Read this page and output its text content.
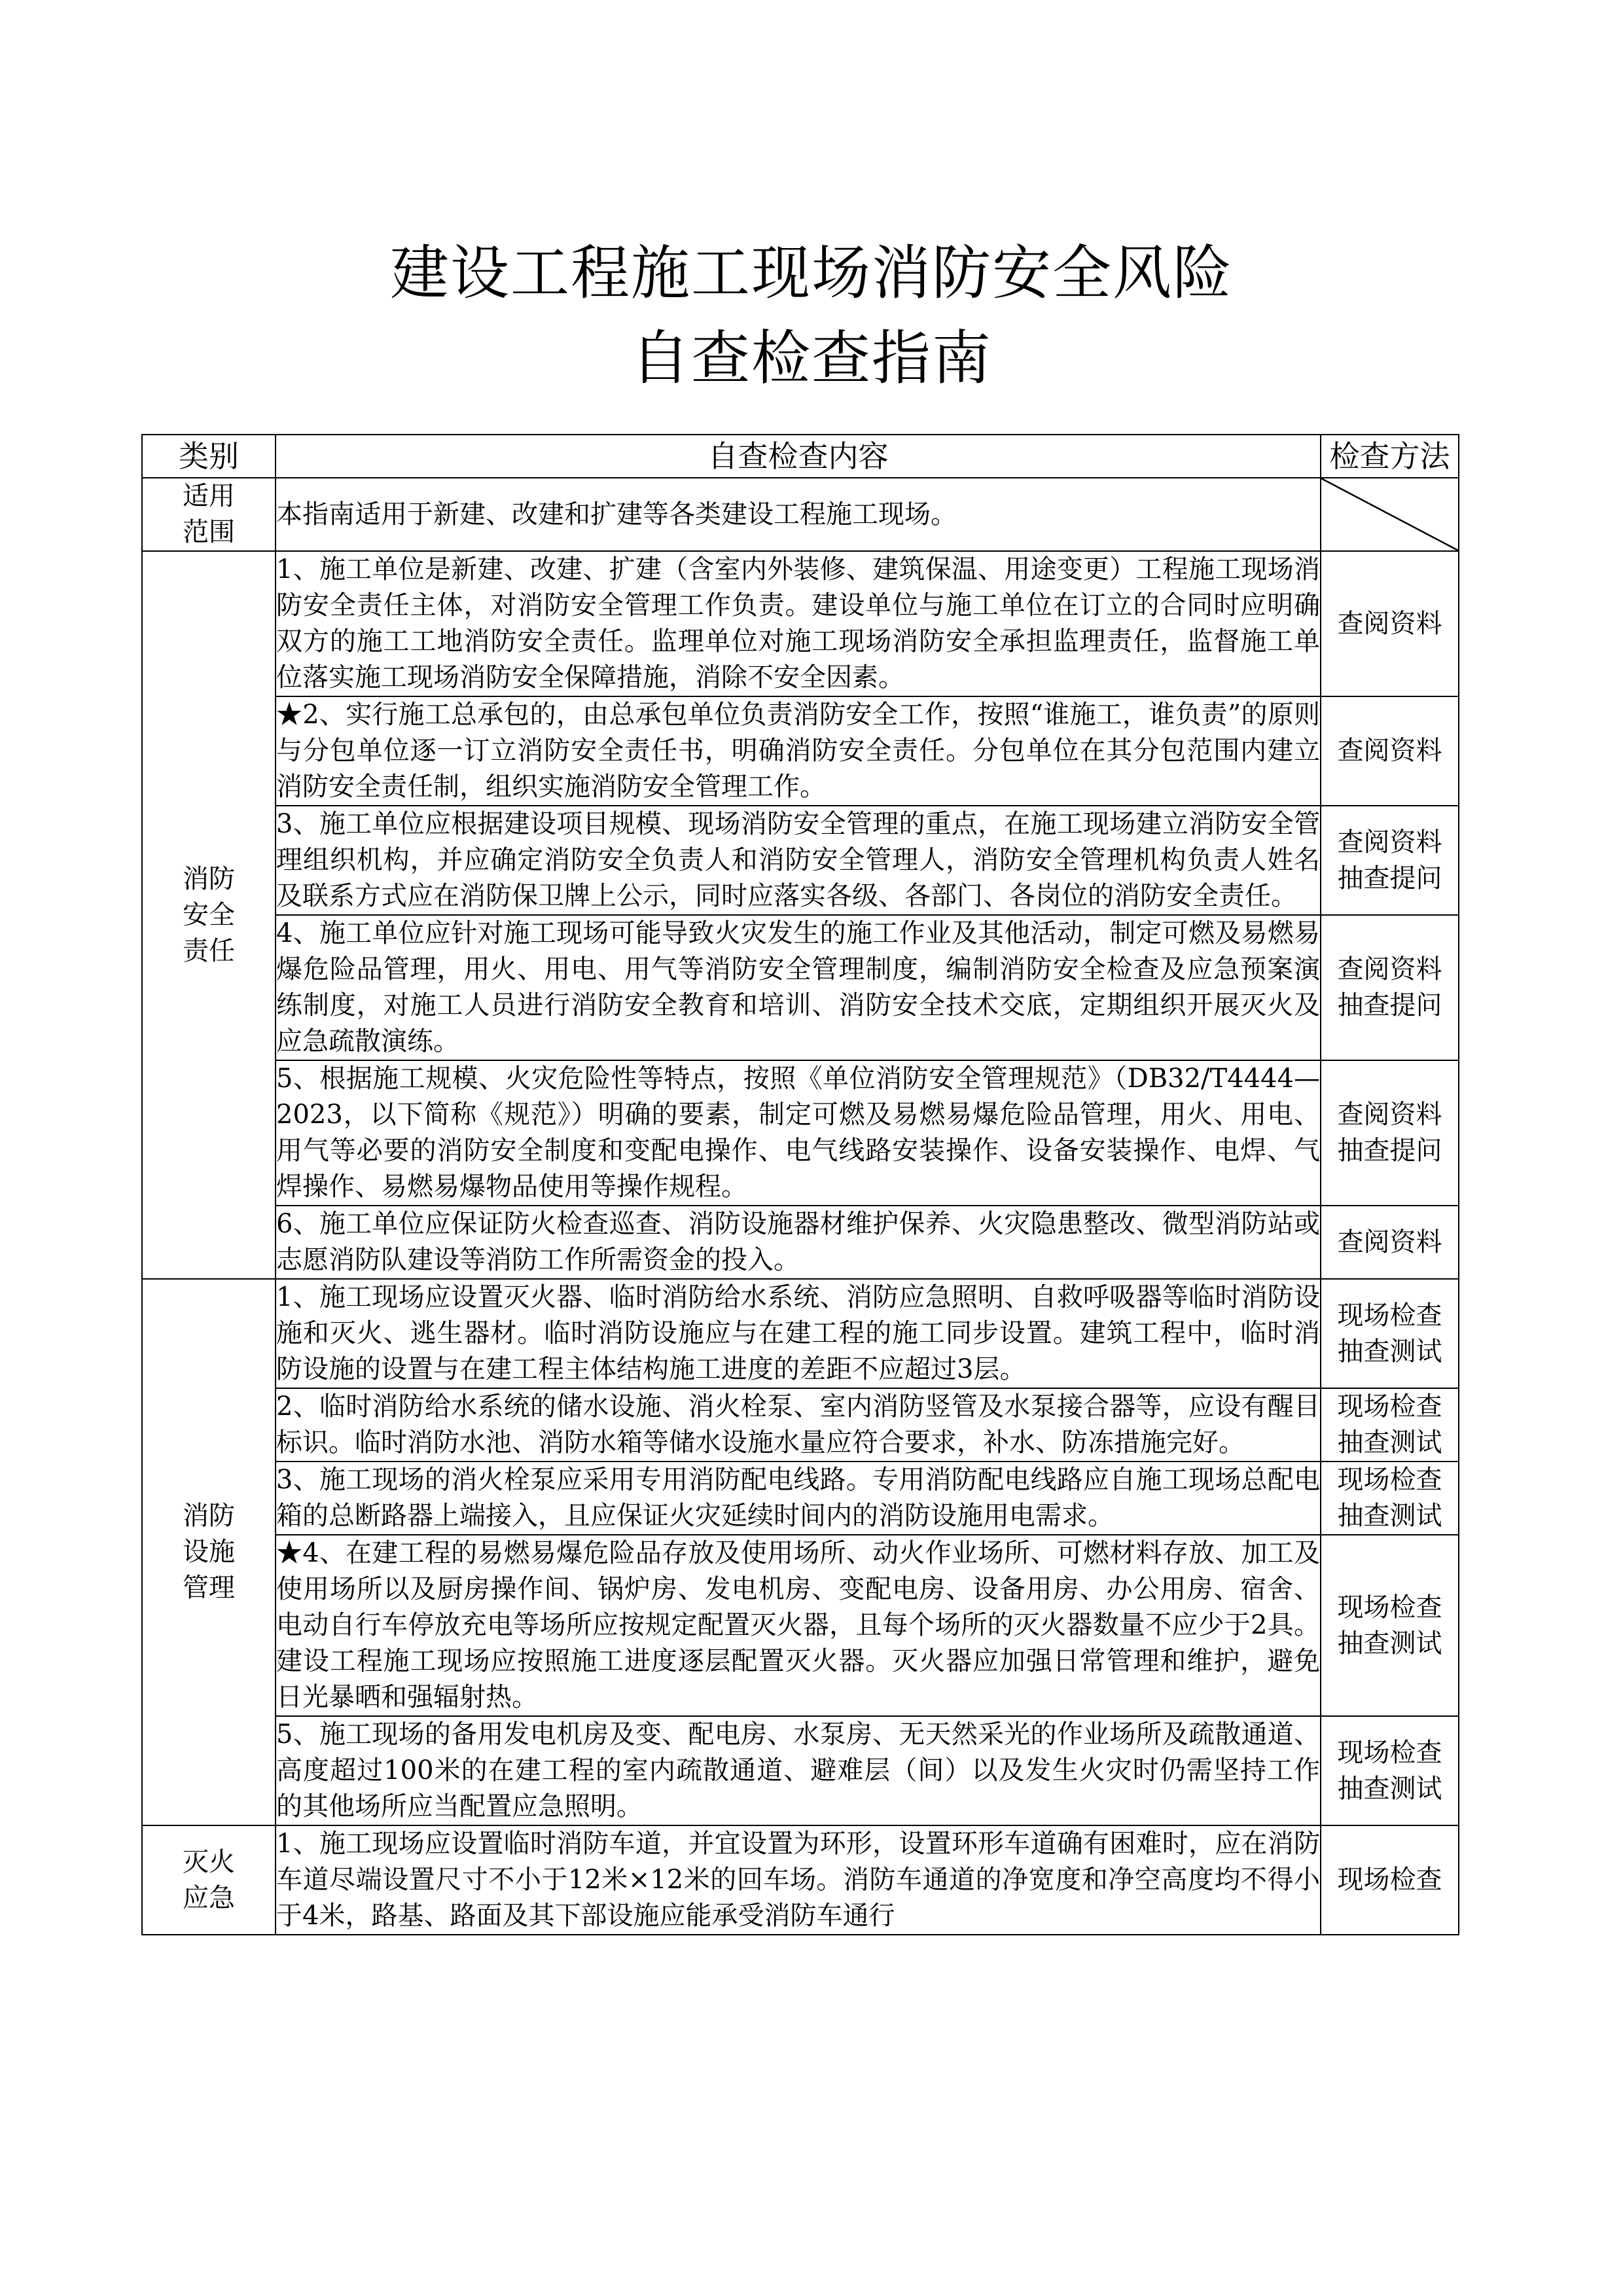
建设工程施工现场消防安全风险
自查检查指南
类别	自查检查内容	检查方法

适用
范围	本指南适用于新建、改建和扩建等各类建设工程施工现场。	

消防
安全
责任	1、施工单位是新建、改建、扩建（含室内外装修、建筑保温、用途变更）工程施工现场消防安全责任主体，对消防安全管理工作负责。建设单位与施工单位在订立的合同时应明确双方的施工工地消防安全责任。监理单位对施工现场消防安全承担监理责任，监督施工单位落实施工现场消防安全保障措施，消除不安全因素。	查阅资料

	★2、实行施工总承包的，由总承包单位负责消防安全工作，按照“谁施工，谁负责”的原则与分包单位逐一订立消防安全责任书，明确消防安全责任。分包单位在其分包范围内建立消防安全责任制，组织实施消防安全管理工作。	查阅资料

	3、施工单位应根据建设项目规模、现场消防安全管理的重点，在施工现场建立消防安全管理组织机构，并应确定消防安全负责人和消防安全管理人，消防安全管理机构负责人姓名及联系方式应在消防保卫牌上公示，同时应落实各级、各部门、各岗位的消防安全责任。	查阅资料
抽查提问

	4、施工单位应针对施工现场可能导致火灾发生的施工作业及其他活动，制定可燃及易燃易爆危险品管理，用火、用电、用气等消防安全管理制度，编制消防安全检查及应急预案演练制度，对施工人员进行消防安全教育和培训、消防安全技术交底，定期组织开展灭火及应急疏散演练。	查阅资料
抽查提问

	5、根据施工规模、火灾危险性等特点，按照《单位消防安全管理规范》（DB32/T4444—2023，以下简称《规范》）明确的要素，制定可燃及易燃易爆危险品管理，用火、用电、用气等必要的消防安全制度和变配电操作、电气线路安装操作、设备安装操作、电焊、气焊操作、易燃易爆物品使用等操作规程。	查阅资料
抽查提问

	6、施工单位应保证防火检查巡查、消防设施器材维护保养、火灾隐患整改、微型消防站或志愿消防队建设等消防工作所需资金的投入。	查阅资料

消防
设施
管理	1、施工现场应设置灭火器、临时消防给水系统、消防应急照明、自救呼吸器等临时消防设施和灭火、逃生器材。临时消防设施应与在建工程的施工同步设置。建筑工程中，临时消防设施的设置与在建工程主体结构施工进度的差距不应超过3层。	现场检查
抽查测试

	2、临时消防给水系统的储水设施、消火栓泵、室内消防竖管及水泵接合器等，应设有醒目标识。临时消防水池、消防水箱等储水设施水量应符合要求，补水、防冻措施完好。	现场检查
抽查测试

	3、施工现场的消火栓泵应采用专用消防配电线路。专用消防配电线路应自施工现场总配电箱的总断路器上端接入，且应保证火灾延续时间内的消防设施用电需求。	现场检查
抽查测试

	★4、在建工程的易燃易爆危险品存放及使用场所、动火作业场所、可燃材料存放、加工及使用场所以及厨房操作间、锅炉房、发电机房、变配电房、设备用房、办公用房、宿舍、电动自行车停放充电等场所应按规定配置灭火器，且每个场所的灭火器数量不应少于2具。建设工程施工现场应按照施工进度逐层配置灭火器。灭火器应加强日常管理和维护，避免日光暴晒和强辐射热。	现场检查
抽查测试

	5、施工现场的备用发电机房及变、配电房、水泵房、无天然采光的作业场所及疏散通道、高度超过100米的在建工程的室内疏散通道、避难层（间）以及发生火灾时仍需坚持工作的其他场所应当配置应急照明。	现场检查
抽查测试

灭火
应急	1、施工现场应设置临时消防车道，并宜设置为环形，设置环形车道确有困难时，应在消防车道尽端设置尺寸不小于12米×12米的回车场。消防车通道的净宽度和净空高度均不得小于4米，路基、路面及其下部设施应能承受消防车通行	现场检查
